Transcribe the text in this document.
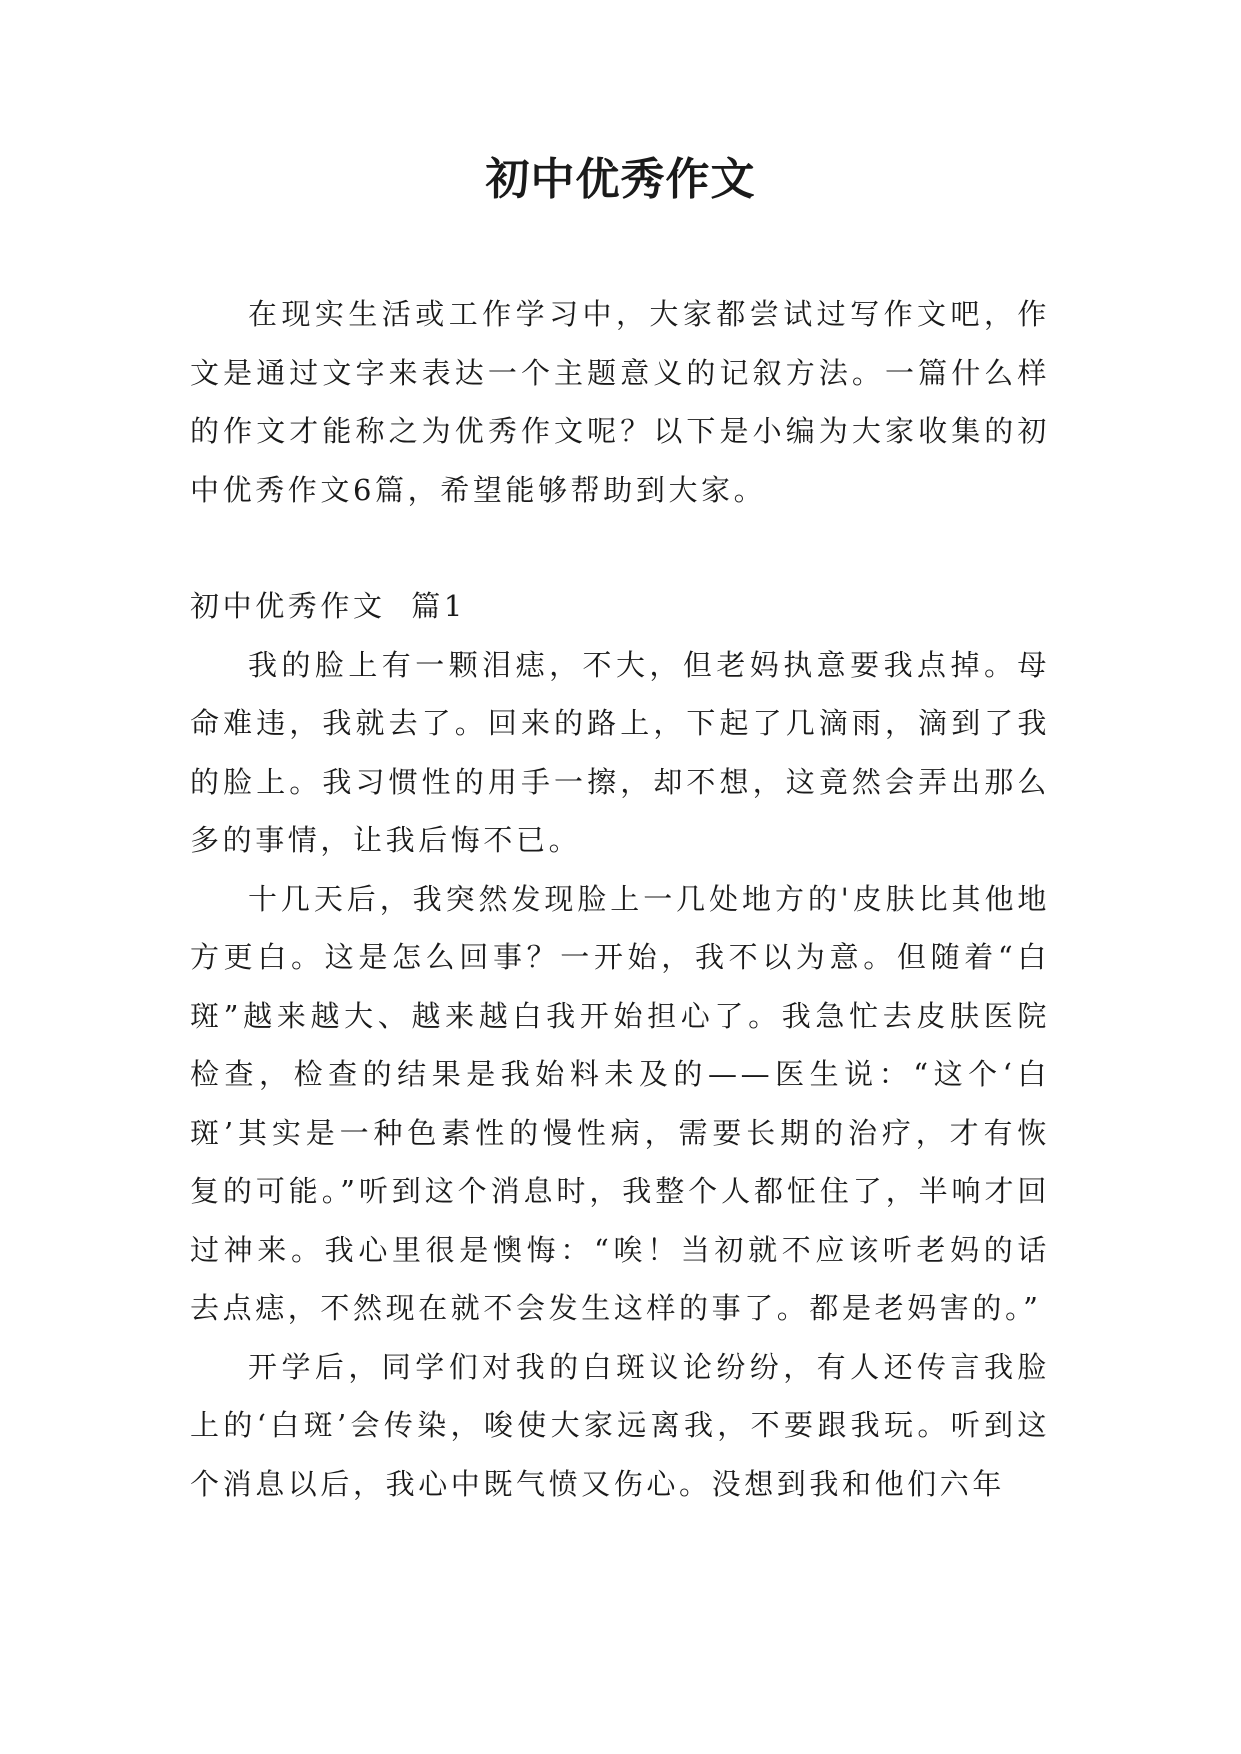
初中优秀作文

在现实生活或工作学习中，大家都尝试过写作文吧，作文是通过文字来表达一个主题意义的记叙方法。一篇什么样的作文才能称之为优秀作文呢？以下是小编为大家收集的初中优秀作文6篇，希望能够帮助到大家。

初中优秀作文  篇1

我的脸上有一颗泪痣，不大，但老妈执意要我点掉。母命难违，我就去了。回来的路上，下起了几滴雨，滴到了我的脸上。我习惯性的用手一擦，却不想，这竟然会弄出那么多的事情，让我后悔不已。

十几天后，我突然发现脸上一几处地方的'皮肤比其他地方更白。这是怎么回事？一开始，我不以为意。但随着“白斑”越来越大、越来越白我开始担心了。我急忙去皮肤医院检查，检查的结果是我始料未及的——医生说：“这个‘白斑’其实是一种色素性的慢性病，需要长期的治疗，才有恢复的可能。”听到这个消息时，我整个人都怔住了，半响才回过神来。我心里很是懊悔：“唉！当初就不应该听老妈的话去点痣，不然现在就不会发生这样的事了。都是老妈害的。”

开学后，同学们对我的白斑议论纷纷，有人还传言我脸上的‘白斑’会传染，唆使大家远离我，不要跟我玩。听到这个消息以后，我心中既气愤又伤心。没想到我和他们六年
